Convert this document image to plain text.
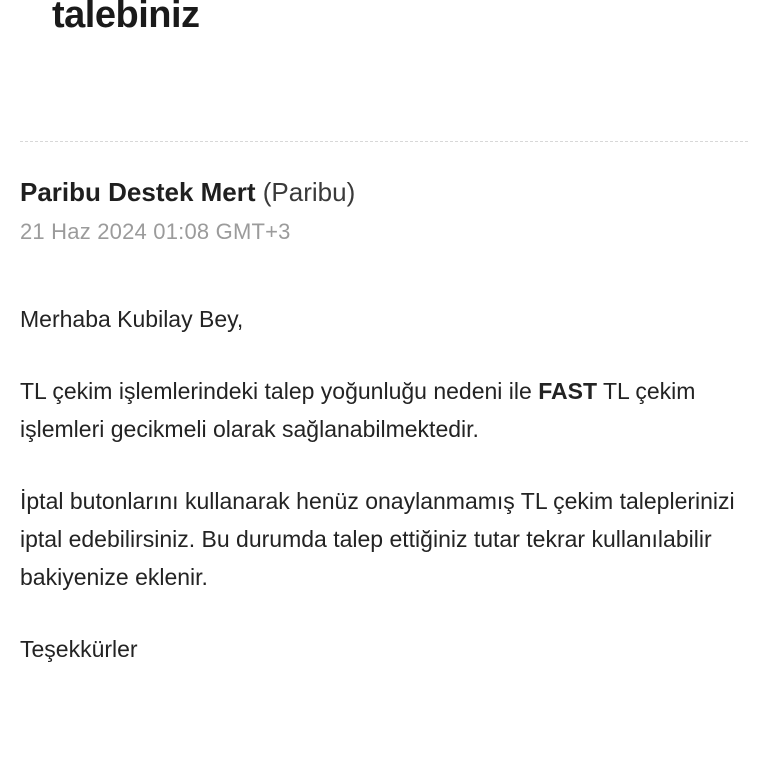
talebiniz
Paribu Destek Mert (Paribu)
21 Haz 2024 01:08 GMT+3

Merhaba Kubilay Bey,

TL çekim işlemlerindeki talep yoğunluğu nedeni ile FAST TL çekim işlemleri gecikmeli olarak sağlanabilmektedir.

İptal butonlarını kullanarak henüz onaylanmamış TL çekim taleplerinizi iptal edebilirsiniz. Bu durumda talep ettiğiniz tutar tekrar kullanılabilir bakiyenize eklenir.

Teşekkürler
